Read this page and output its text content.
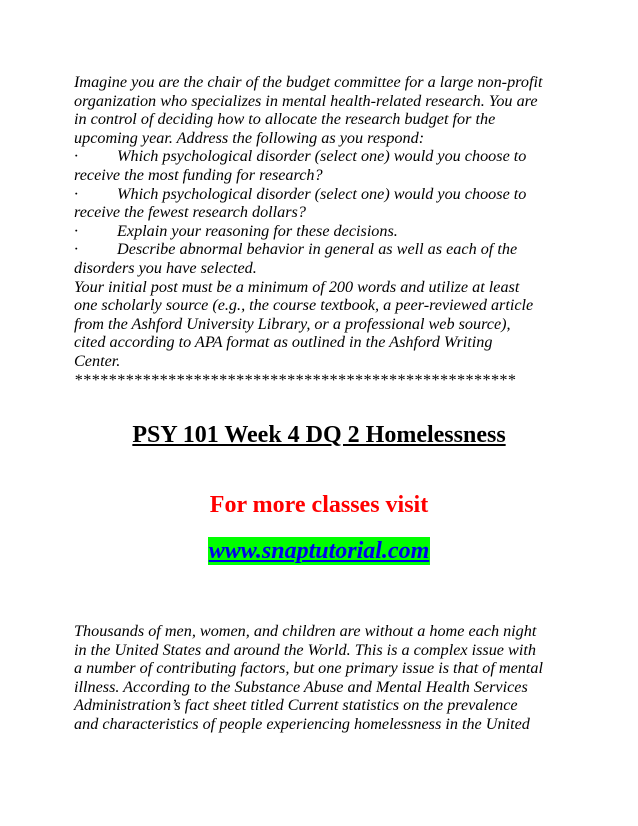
Imagine you are the chair of the budget committee for a large non-profit
organization who specializes in mental health-related research. You are
in control of deciding how to allocate the research budget for the
upcoming year. Address the following as you respond:
· Which psychological disorder (select one) would you choose to
receive the most funding for research?
· Which psychological disorder (select one) would you choose to
receive the fewest research dollars?
· Explain your reasoning for these decisions.
· Describe abnormal behavior in general as well as each of the
disorders you have selected.
Your initial post must be a minimum of 200 words and utilize at least
one scholarly source (e.g., the course textbook, a peer-reviewed article
from the Ashford University Library, or a professional web source),
cited according to APA format as outlined in the Ashford Writing
Center.
****************************************************
PSY 101 Week 4 DQ 2 Homelessness
For more classes visit
www.snaptutorial.com
Thousands of men, women, and children are without a home each night
in the United States and around the World. This is a complex issue with
a number of contributing factors, but one primary issue is that of mental
illness. According to the Substance Abuse and Mental Health Services
Administration’s fact sheet titled Current statistics on the prevalence
and characteristics of people experiencing homelessness in the United
